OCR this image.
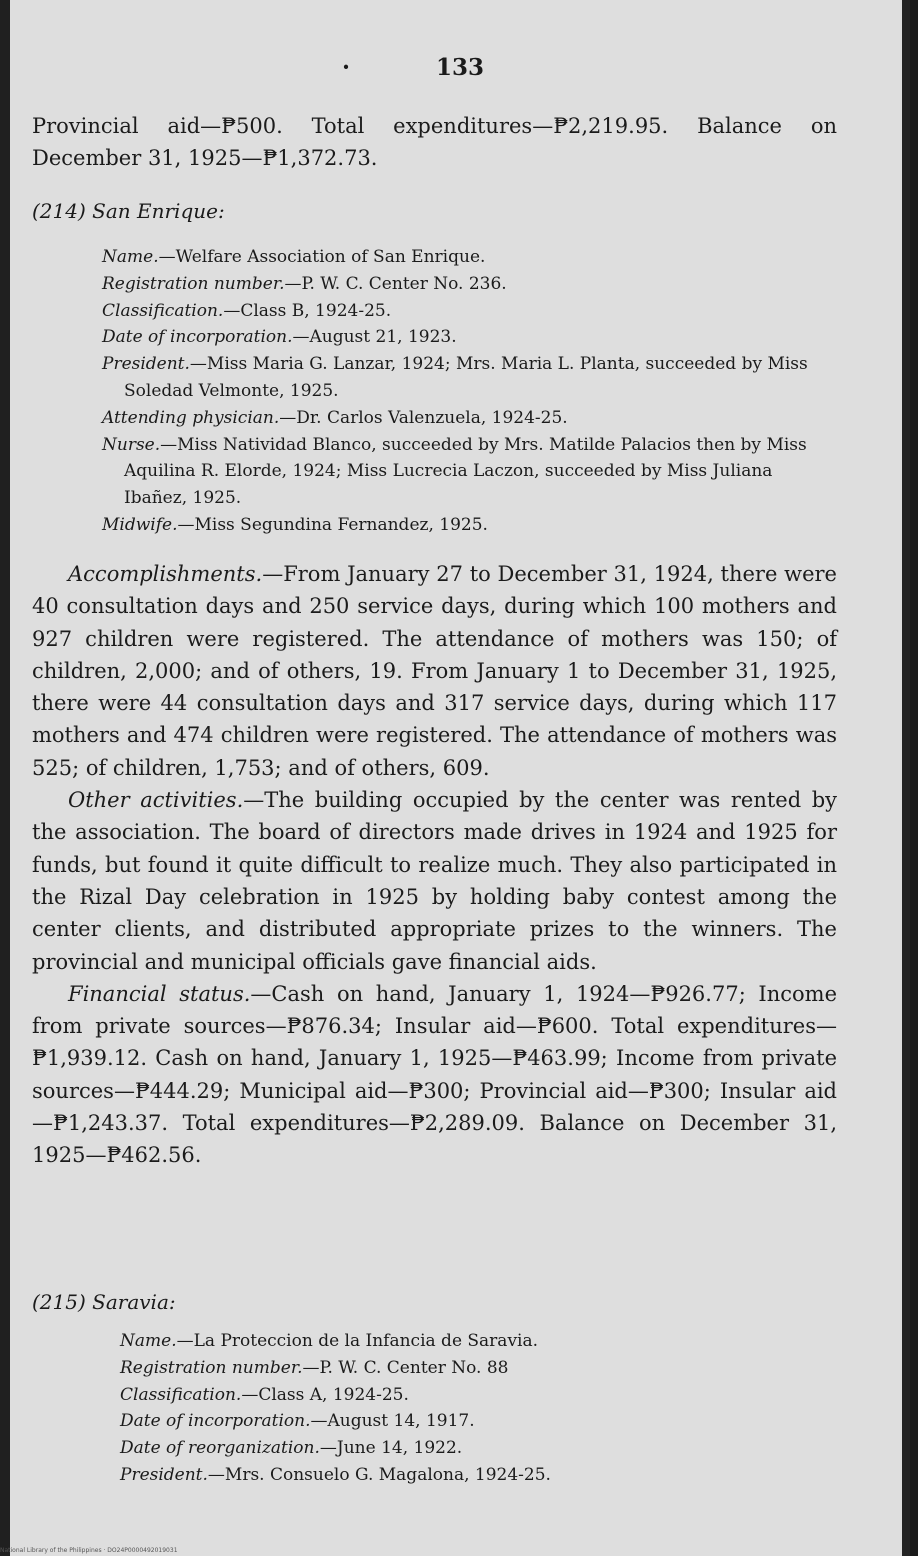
·	133

Provincial aid—₱500. Total expenditures—₱2,219.95. Balance on December 31, 1925—₱1,372.73.

(214) San Enrique:

Name.—Welfare Association of San Enrique.

Registration number.—P. W. C. Center No. 236.

Classification.—Class B, 1924-25.

Date of incorporation.—August 21, 1923.

President.—Miss Maria G. Lanzar, 1924; Mrs. Maria L. Planta, succeeded by Miss Soledad Velmonte, 1925.

Attending physician.—Dr. Carlos Valenzuela, 1924-25.

Nurse.—Miss Natividad Blanco, succeeded by Mrs. Matilde Palacios then by Miss Aquilina R. Elorde, 1924; Miss Lucrecia Laczon, succeeded by Miss Juliana Ibañez, 1925.

Midwife.—Miss Segundina Fernandez, 1925.

Accomplishments.—From January 27 to December 31, 1924, there were 40 consultation days and 250 service days, during which 100 mothers and 927 children were registered. The attendance of mothers was 150; of children, 2,000; and of others, 19. From January 1 to December 31, 1925, there were 44 consultation days and 317 service days, during which 117 mothers and 474 children were registered. The attendance of mothers was 525; of children, 1,753; and of others, 609.

Other activities.—The building occupied by the center was rented by the association. The board of directors made drives in 1924 and 1925 for funds, but found it quite difficult to realize much. They also participated in the Rizal Day celebration in 1925 by holding baby contest among the center clients, and distributed appropriate prizes to the winners. The provincial and municipal officials gave financial aids.

Financial status.—Cash on hand, January 1, 1924—₱926.77; Income from private sources—₱876.34; Insular aid—₱600. Total expenditures—₱1,939.12. Cash on hand, January 1, 1925—₱463.99; Income from private sources—₱444.29; Municipal aid—₱300; Provincial aid—₱300; Insular aid—₱1,243.37. Total expenditures—₱2,289.09. Balance on December 31, 1925—₱462.56.

(215) Saravia:

Name.—La Proteccion de la Infancia de Saravia.

Registration number.—P. W. C. Center No. 88

Classification.—Class A, 1924-25.

Date of incorporation.—August 14, 1917.

Date of reorganization.—June 14, 1922.

President.—Mrs. Consuelo G. Magalona, 1924-25.

National Library of the Philippines · DO24P0000492019031
